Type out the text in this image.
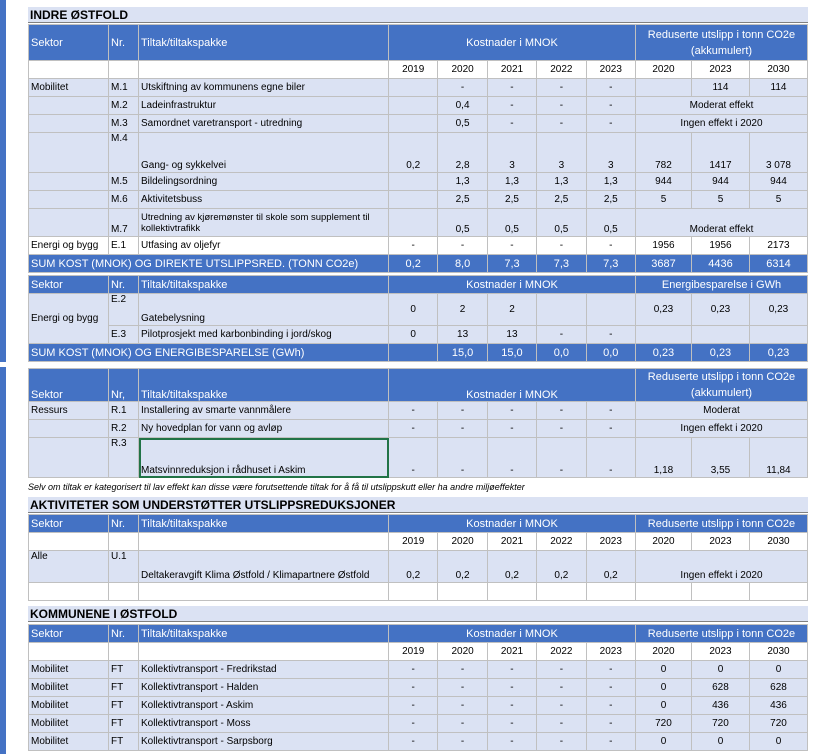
INDRE ØSTFOLD
Sektor	Nr.	Tiltak/tiltakspakke	Kostnader i MNOK					Reduserte utslipp i tonn CO2e
(akkumulert)		
			2019	2020	2021	2022	2023	2020	2023	2030
Mobilitet	M.1	Utskiftning av kommunens egne biler		-	-	-	-		114	114
	M.2	Ladeinfrastruktur		0,4	-	-	-	Moderat effekt		
	M.3	Samordnet varetransport - utredning		0,5	-	-	-	Ingen effekt i 2020		
	M.4	Gang- og sykkelvei	0,2	2,8	3	3	3	782	1417	3 078
	M.5	Bildelingsordning		1,3	1,3	1,3	1,3	944	944	944
	M.6	Aktivitetsbuss		2,5	2,5	2,5	2,5	5	5	5
	M.7	Utredning av kjøremønster til skole som supplement til
kollektivtrafikk		0,5	0,5	0,5	0,5	Moderat effekt		
Energi og bygg	E.1	Utfasing av oljefyr	-	-	-	-	-	1956	1956	2173
SUM KOST (MNOK) OG DIREKTE UTSLIPPSRED. (TONN CO2e)			0,2	8,0	7,3	7,3	7,3	3687	4436	6314
Sektor	Nr.	Tiltak/tiltakspakke	Kostnader i MNOK					Energibesparelse i GWh		
Energi og bygg	E.2	Gatebelysning	0	2	2			0,23	0,23	0,23
	E.3	Pilotprosjekt med karbonbinding i jord/skog	0	13	13	-	-			
SUM KOST (MNOK) OG ENERGIBESPARELSE (GWh)				15,0	15,0	0,0	0,0	0,23	0,23	0,23
Sektor	Nr,	Tiltak/tiltakspakke	Kostnader i MNOK					Reduserte utslipp i tonn CO2e
(akkumulert)		
Ressurs	R.1	Installering av smarte vannmålere	-	-	-	-	-	Moderat		
	R.2	Ny hovedplan for vann og avløp	-	-	-	-	-	Ingen effekt i 2020		
	R.3	Matsvinnreduksjon i rådhuset i Askim	-	-	-	-	-	1,18	3,55	11,84
Selv om tiltak er kategorisert til lav effekt kan disse være forutsettende tiltak for å få til utslippskutt eller ha andre miljøeffekter
AKTIVITETER SOM UNDERSTØTTER UTSLIPPSREDUKSJONER
Sektor	Nr.	Tiltak/tiltakspakke	Kostnader i MNOK					Reduserte utslipp i tonn CO2e		
			2019	2020	2021	2022	2023	2020	2023	2030
Alle	U.1	Deltakeravgift Klima Østfold / Klimapartnere Østfold	0,2	0,2	0,2	0,2	0,2	Ingen effekt i 2020		

KOMMUNENE I ØSTFOLD
Sektor	Nr.	Tiltak/tiltakspakke	Kostnader i MNOK					Reduserte utslipp i tonn CO2e		
			2019	2020	2021	2022	2023	2020	2023	2030
Mobilitet	FT	Kollektivtransport - Fredrikstad	-	-	-	-	-	0	0	0
Mobilitet	FT	Kollektivtransport - Halden	-	-	-	-	-	0	628	628
Mobilitet	FT	Kollektivtransport - Askim	-	-	-	-	-	0	436	436
Mobilitet	FT	Kollektivtransport - Moss	-	-	-	-	-	720	720	720
Mobilitet	FT	Kollektivtransport - Sarpsborg	-	-	-	-	-	0	0	0
